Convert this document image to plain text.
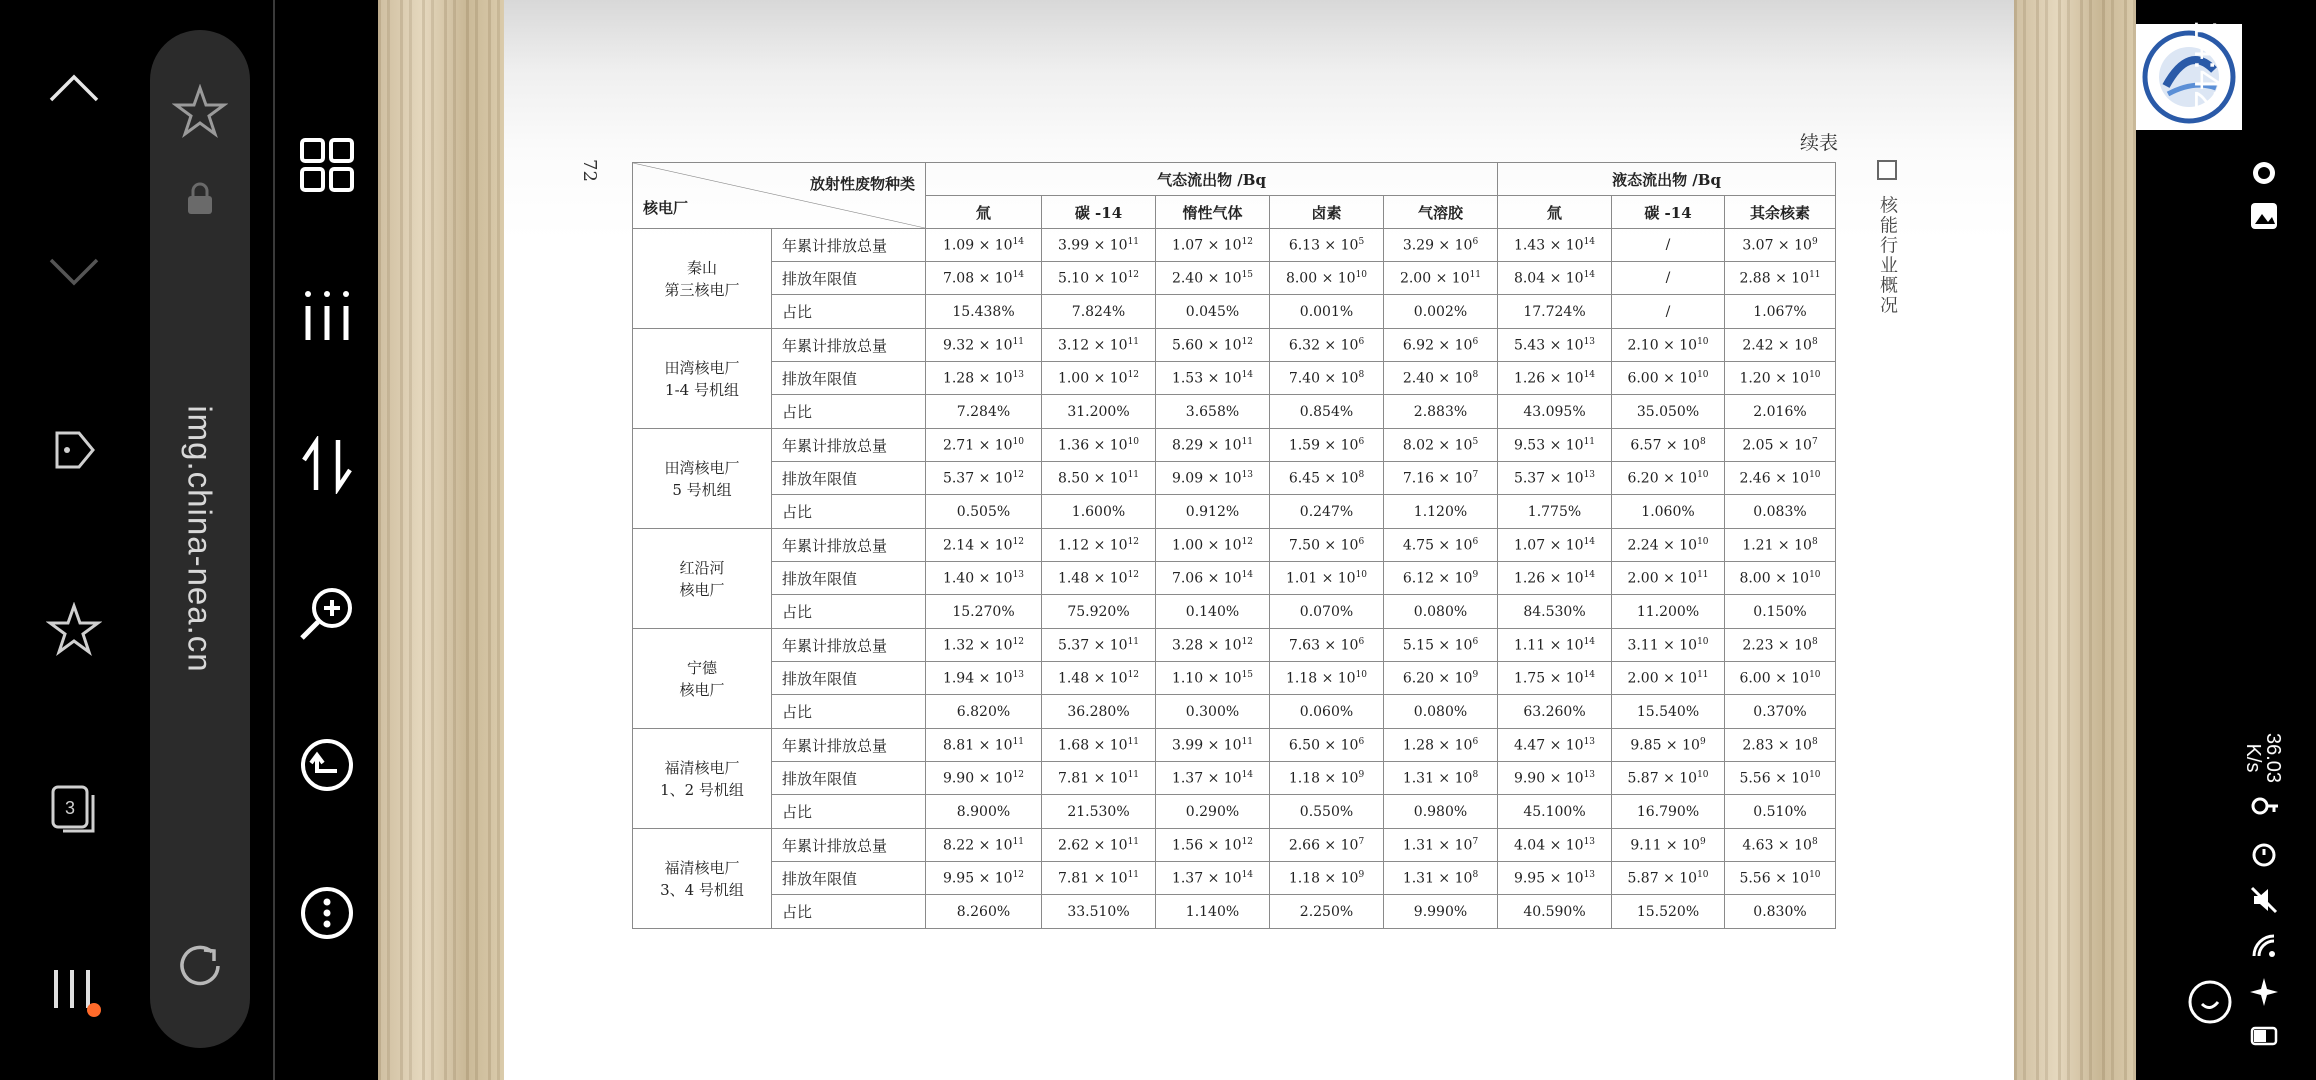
3
img.china-nea.cn
72
续表
核能行业概况
放射性废物种类
核电厂		气态流出物 /Bq					液态流出物 /Bq		
		氚	碳 -14	惰性气体	卤素	气溶胶	氚	碳 -14	其余核素

秦山
第三核电厂	年累计排放总量	$1.09 \times 10^{14}$	$3.99 \times 10^{11}$	$1.07 \times 10^{12}$	$6.13 \times 10^5$	$3.29 \times 10^6$	$1.43 \times 10^{14}$	/	$3.07 \times 10^9$
	排放年限值	$7.08 \times 10^{14}$	$5.10 \times 10^{12}$	$2.40 \times 10^{15}$	$8.00 \times 10^{10}$	$2.00 \times 10^{11}$	$8.04 \times 10^{14}$	/	$2.88 \times 10^{11}$
	占比	15.438%	7.824%	0.045%	0.001%	0.002%	17.724%	/	1.067%

田湾核电厂
1-4 号机组	年累计排放总量	$9.32 \times 10^{11}$	$3.12 \times 10^{11}$	$5.60 \times 10^{12}$	$6.32 \times 10^6$	$6.92 \times 10^6$	$5.43 \times 10^{13}$	$2.10 \times 10^{10}$	$2.42 \times 10^8$
	排放年限值	$1.28 \times 10^{13}$	$1.00 \times 10^{12}$	$1.53 \times 10^{14}$	$7.40 \times 10^8$	$2.40 \times 10^8$	$1.26 \times 10^{14}$	$6.00 \times 10^{10}$	$1.20 \times 10^{10}$
	占比	7.284%	31.200%	3.658%	0.854%	2.883%	43.095%	35.050%	2.016%

田湾核电厂
5 号机组	年累计排放总量	$2.71 \times 10^{10}$	$1.36 \times 10^{10}$	$8.29 \times 10^{11}$	$1.59 \times 10^6$	$8.02 \times 10^5$	$9.53 \times 10^{11}$	$6.57 \times 10^8$	$2.05 \times 10^7$
	排放年限值	$5.37 \times 10^{12}$	$8.50 \times 10^{11}$	$9.09 \times 10^{13}$	$6.45 \times 10^8$	$7.16 \times 10^7$	$5.37 \times 10^{13}$	$6.20 \times 10^{10}$	$2.46 \times 10^{10}$
	占比	0.505%	1.600%	0.912%	0.247%	1.120%	1.775%	1.060%	0.083%

红沿河
核电厂	年累计排放总量	$2.14 \times 10^{12}$	$1.12 \times 10^{12}$	$1.00 \times 10^{12}$	$7.50 \times 10^6$	$4.75 \times 10^6$	$1.07 \times 10^{14}$	$2.24 \times 10^{10}$	$1.21 \times 10^8$
	排放年限值	$1.40 \times 10^{13}$	$1.48 \times 10^{12}$	$7.06 \times 10^{14}$	$1.01 \times 10^{10}$	$6.12 \times 10^9$	$1.26 \times 10^{14}$	$2.00 \times 10^{11}$	$8.00 \times 10^{10}$
	占比	15.270%	75.920%	0.140%	0.070%	0.080%	84.530%	11.200%	0.150%

宁德
核电厂	年累计排放总量	$1.32 \times 10^{12}$	$5.37 \times 10^{11}$	$3.28 \times 10^{12}$	$7.63 \times 10^6$	$5.15 \times 10^6$	$1.11 \times 10^{14}$	$3.11 \times 10^{10}$	$2.23 \times 10^8$
	排放年限值	$1.94 \times 10^{13}$	$1.48 \times 10^{12}$	$1.10 \times 10^{15}$	$1.18 \times 10^{10}$	$6.20 \times 10^9$	$1.75 \times 10^{14}$	$2.00 \times 10^{11}$	$6.00 \times 10^{10}$
	占比	6.820%	36.280%	0.300%	0.060%	0.080%	63.260%	15.540%	0.370%

福清核电厂
1、2 号机组	年累计排放总量	$8.81 \times 10^{11}$	$1.68 \times 10^{11}$	$3.99 \times 10^{11}$	$6.50 \times 10^6$	$1.28 \times 10^6$	$4.47 \times 10^{13}$	$9.85 \times 10^9$	$2.83 \times 10^8$
	排放年限值	$9.90 \times 10^{12}$	$7.81 \times 10^{11}$	$1.37 \times 10^{14}$	$1.18 \times 10^9$	$1.31 \times 10^8$	$9.90 \times 10^{13}$	$5.87 \times 10^{10}$	$5.56 \times 10^{10}$
	占比	8.900%	21.530%	0.290%	0.550%	0.980%	45.100%	16.790%	0.510%

福清核电厂
3、4 号机组	年累计排放总量	$8.22 \times 10^{11}$	$2.62 \times 10^{11}$	$1.56 \times 10^{12}$	$2.66 \times 10^7$	$1.31 \times 10^7$	$4.04 \times 10^{13}$	$9.11 \times 10^9$	$4.63 \times 10^8$
	排放年限值	$9.95 \times 10^{12}$	$7.81 \times 10^{11}$	$1.37 \times 10^{14}$	$1.18 \times 10^9$	$1.31 \times 10^8$	$9.95 \times 10^{13}$	$5.87 \times 10^{10}$	$5.56 \times 10^{10}$
	占比	8.260%	33.510%	1.140%	2.250%	9.990%	40.590%	15.520%	0.830%
14:42
36.03
K/s
